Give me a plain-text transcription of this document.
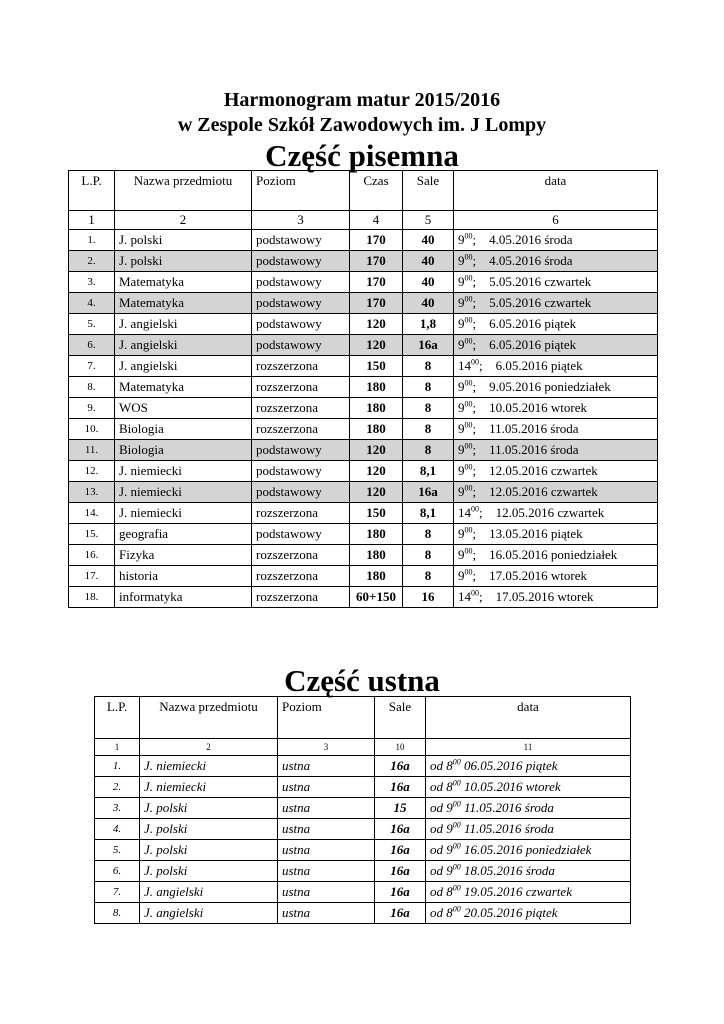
Harmonogram matur 2015/2016
w Zespole Szkół Zawodowych im. J Lompy
Część pisemna
L.P.	Nazwa przedmiotu	Poziom	Czas	Sale	data
1	2	3	4	5	6
1.	J. polski	podstawowy	170	40	$9^{00}$;    4.05.2016 środa
2.	J. polski	podstawowy	170	40	$9^{00}$;    4.05.2016 środa
3.	Matematyka	podstawowy	170	40	$9^{00}$;    5.05.2016 czwartek
4.	Matematyka	podstawowy	170	40	$9^{00}$;    5.05.2016 czwartek
5.	J. angielski	podstawowy	120	1,8	$9^{00}$;    6.05.2016 piątek
6.	J. angielski	podstawowy	120	16a	$9^{00}$;    6.05.2016 piątek
7.	J. angielski	rozszerzona	150	8	$14^{00}$;    6.05.2016 piątek
8.	Matematyka	rozszerzona	180	8	$9^{00}$;    9.05.2016 poniedziałek
9.	WOS	rozszerzona	180	8	$9^{00}$;    10.05.2016 wtorek
10.	Biologia	rozszerzona	180	8	$9^{00}$;    11.05.2016 środa
11.	Biologia	podstawowy	120	8	$9^{00}$;    11.05.2016 środa
12.	J. niemiecki	podstawowy	120	8,1	$9^{00}$;    12.05.2016 czwartek
13.	J. niemiecki	podstawowy	120	16a	$9^{00}$;    12.05.2016 czwartek
14.	J. niemiecki	rozszerzona	150	8,1	$14^{00}$;    12.05.2016 czwartek
15.	geografia	podstawowy	180	8	$9^{00}$;    13.05.2016 piątek
16.	Fizyka	rozszerzona	180	8	$9^{00}$;    16.05.2016 poniedziałek
17.	historia	rozszerzona	180	8	$9^{00}$;    17.05.2016 wtorek
18.	informatyka	rozszerzona	60+150	16	$14^{00}$;    17.05.2016 wtorek
Część ustna
L.P.	Nazwa przedmiotu	Poziom	Sale	data
1	2	3	10	11
1.	J. niemiecki	ustna	16a	od $8^{00}$ 06.05.2016 piątek
2.	J. niemiecki	ustna	16a	od $8^{00}$ 10.05.2016 wtorek
3.	J. polski	ustna	15	od $9^{00}$ 11.05.2016 środa
4.	J. polski	ustna	16a	od $9^{00}$ 11.05.2016 środa
5.	J. polski	ustna	16a	od $9^{00}$ 16.05.2016 poniedziałek
6.	J. polski	ustna	16a	od $9^{00}$ 18.05.2016 środa
7.	J. angielski	ustna	16a	od $8^{00}$ 19.05.2016 czwartek
8.	J. angielski	ustna	16a	od $8^{00}$ 20.05.2016 piątek
